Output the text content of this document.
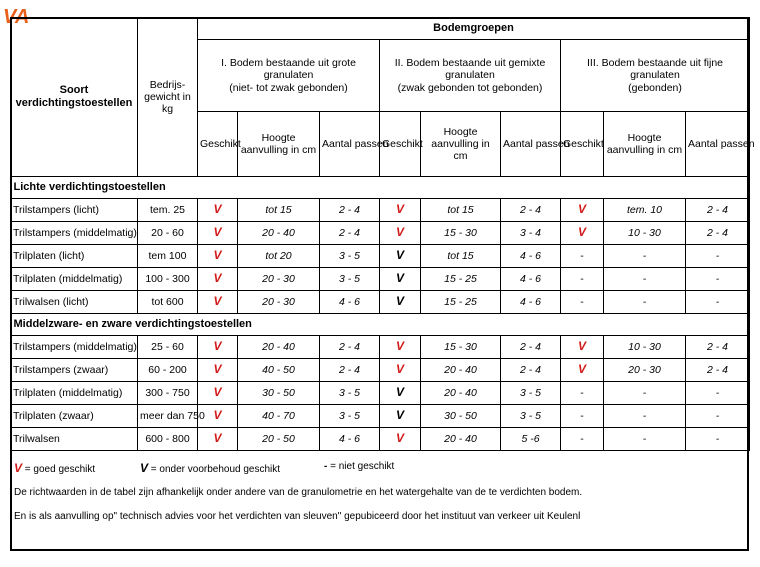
VA
Soort verdichtingstoestellen	Bedrijs-gewicht in kg	Bodemgroepen								
		I. Bodem bestaande uit grote granulaten
(niet- tot zwak gebonden)			II. Bodem bestaande uit gemixte granulaten
(zwak gebonden tot gebonden)			III. Bodem bestaande uit fijne granulaten
(gebonden)		
		Geschikt	Hoogte aanvulling in cm	Aantal passen	Geschikt	Hoogte aanvulling in cm	Aantal passen	Geschikt	Hoogte aanvulling in cm	Aantal passen
Lichte verdichtingstoestellen										
Trilstampers (licht)	tem. 25	V	tot 15	2 - 4	V	tot 15	2 - 4	V	tem. 10	2 - 4
Trilstampers (middelmatig)	20 - 60	V	20 - 40	2 - 4	V	15 - 30	3 - 4	V	10 - 30	2 - 4
Trilplaten (licht)	tem 100	V	tot 20	3 - 5	V	tot 15	4 - 6	-	-	-
Trilplaten (middelmatig)	100 - 300	V	20 - 30	3 - 5	V	15 - 25	4 - 6	-	-	-
Trilwalsen (licht)	tot 600	V	20 - 30	4 - 6	V	15 - 25	4 - 6	-	-	-
Middelzware- en zware verdichtingstoestellen										
Trilstampers (middelmatig)	25 - 60	V	20 - 40	2 - 4	V	15 - 30	2 - 4	V	10 - 30	2 - 4
Trilstampers (zwaar)	60 - 200	V	40 - 50	2 - 4	V	20 - 40	2 - 4	V	20 - 30	2 - 4
Trilplaten (middelmatig)	300 - 750	V	30 - 50	3 - 5	V	20 - 40	3 - 5	-	-	-
Trilplaten (zwaar)	meer dan 750	V	40 - 70	3 - 5	V	30 - 50	3 - 5	-	-	-
Trilwalsen	600 - 800	V	20 - 50	4 - 6	V	20 - 40	5 -6	-	-	-
V = goed geschikt	V = onder voorbehoud geschikt	- = niet geschikt
De richtwaarden in de tabel zijn afhankelijk onder andere van de granulometrie en het watergehalte van de te verdichten bodem.
En is als aanvulling op" technisch advies voor het verdichten van sleuven" gepubiceerd door het instituut van verkeer uit Keulenl
